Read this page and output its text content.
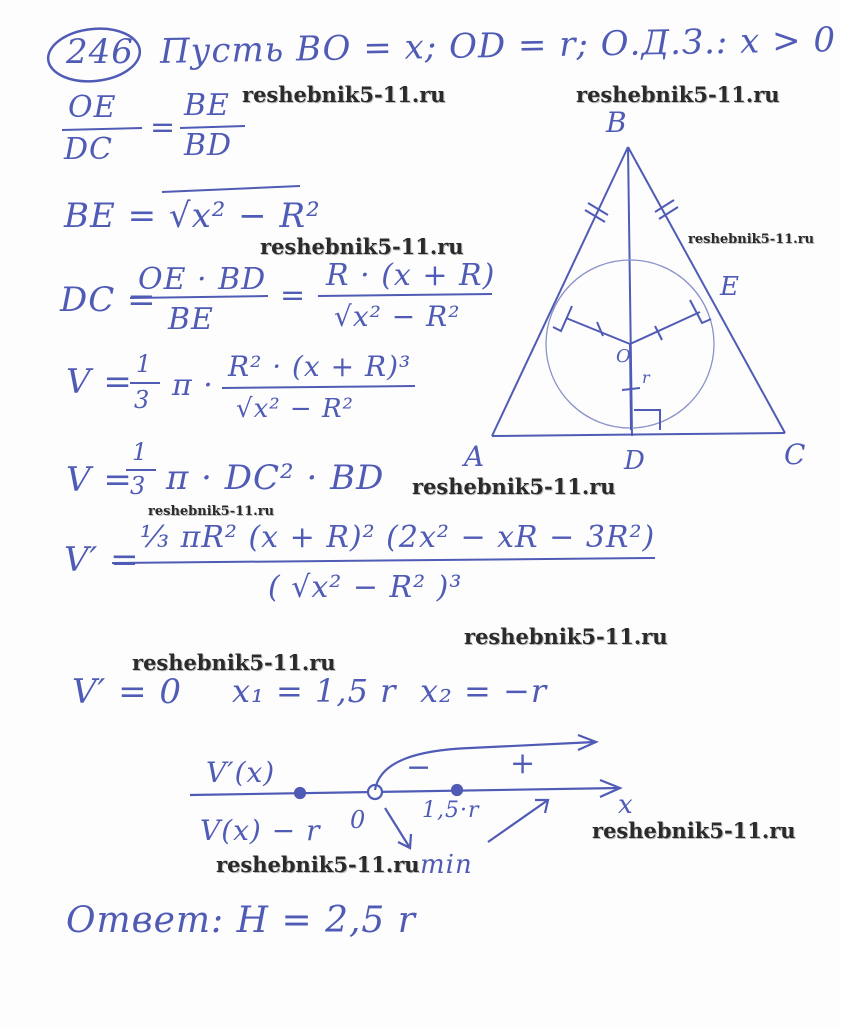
246 Пусть BO = x; OD = r; О.Д.З.: x > 0
OE
DC
=
BE
BD
BE = √x² − R²
DC =
OE · BD
BE
=
R · (x + R)
√x² − R²
V = 1
3 π ·
R² · (x + R)³
√x² − R²
V =
1
3 π · DC² · BD
V′ =
⅓ πR² (x + R)² (2x² − xR − 3R²)
( √x² − R² )³
V′ = 0 x₁ = 1,5 r x₂ = −r
V′(x)
V(x) − r 0	1,5·r
−	+
x
min
Ответ: H = 2,5 r
B
A	C
D
E
O
r
reshebnik5-11.ru	reshebnik5-11.ru
reshebnik5-11.ru
reshebnik5-11.ru
reshebnik5-11.ru
reshebnik5-11.ru
reshebnik5-11.ru
reshebnik5-11.ru
reshebnik5-11.ru
reshebnik5-11.ru
